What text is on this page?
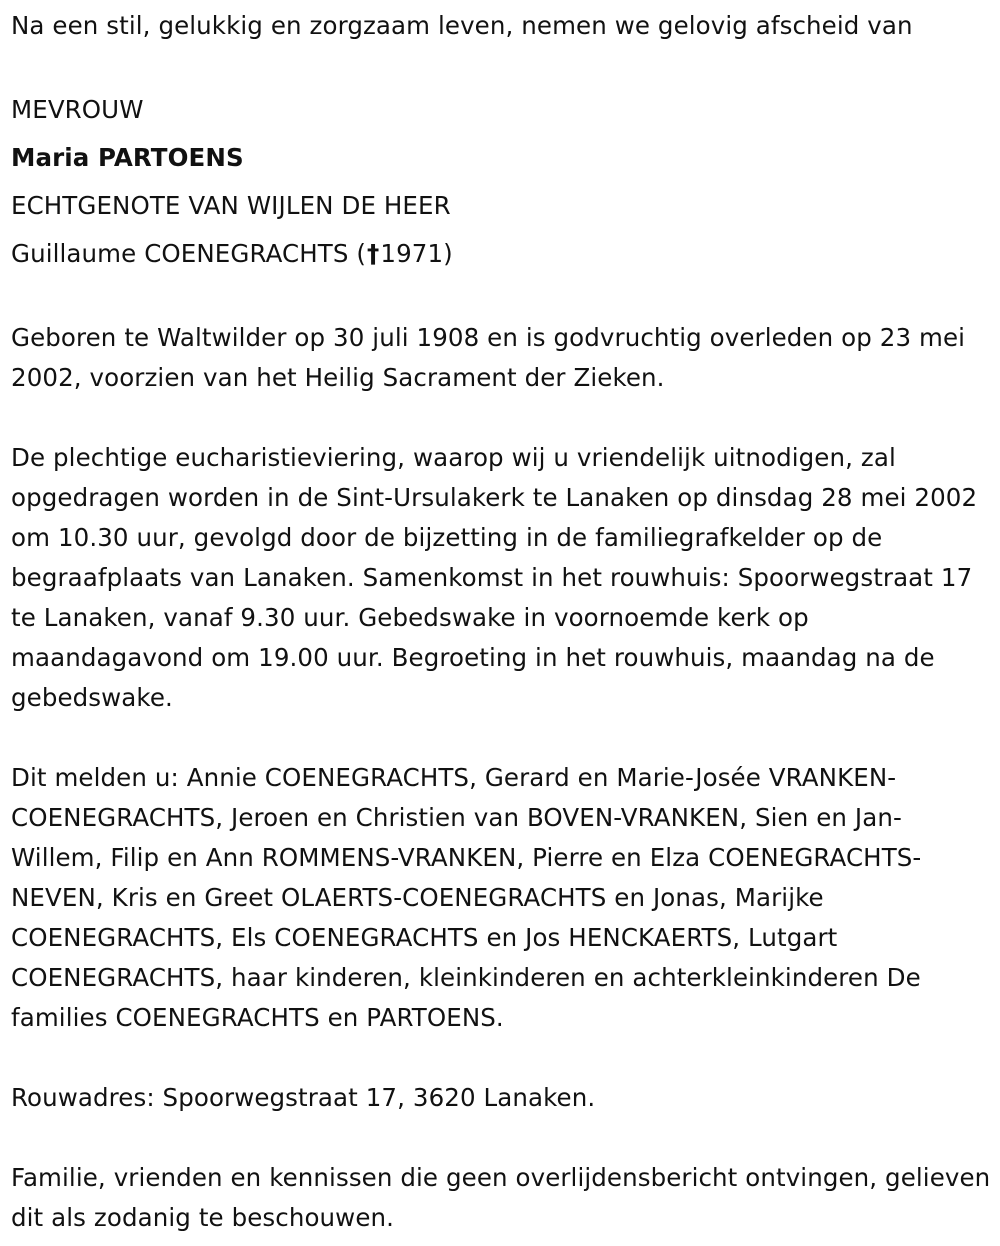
Na een stil, gelukkig en zorgzaam leven, nemen we gelovig afscheid van

MEVROUW

Maria PARTOENS

ECHTGENOTE VAN WIJLEN DE HEER

Guillaume COENEGRACHTS (†1971)

Geboren te Waltwilder op 30 juli 1908 en is godvruchtig overleden op 23 mei 2002, voorzien van het Heilig Sacrament der Zieken.

De plechtige eucharistieviering, waarop wij u vriendelijk uitnodigen, zal opgedragen worden in de Sint-Ursulakerk te Lanaken op dinsdag 28 mei 2002 om 10.30 uur, gevolgd door de bijzetting in de familiegrafkelder op de begraafplaats van Lanaken. Samenkomst in het rouwhuis: Spoorwegstraat 17 te Lanaken, vanaf 9.30 uur. Gebedswake in voornoemde kerk op maandagavond om 19.00 uur. Begroeting in het rouwhuis, maandag na de gebedswake.

Dit melden u: Annie COENEGRACHTS, Gerard en Marie-Josée VRANKEN-COENEGRACHTS, Jeroen en Christien van BOVEN-VRANKEN, Sien en Jan-Willem, Filip en Ann ROMMENS-VRANKEN, Pierre en Elza COENEGRACHTS-NEVEN, Kris en Greet OLAERTS-COENEGRACHTS en Jonas, Marijke COENEGRACHTS, Els COENEGRACHTS en Jos HENCKAERTS, Lutgart COENEGRACHTS, haar kinderen, kleinkinderen en achterkleinkinderen De families COENEGRACHTS en PARTOENS.

Rouwadres: Spoorwegstraat 17, 3620 Lanaken.

Familie, vrienden en kennissen die geen overlijdensbericht ontvingen, gelieven dit als zodanig te beschouwen.
